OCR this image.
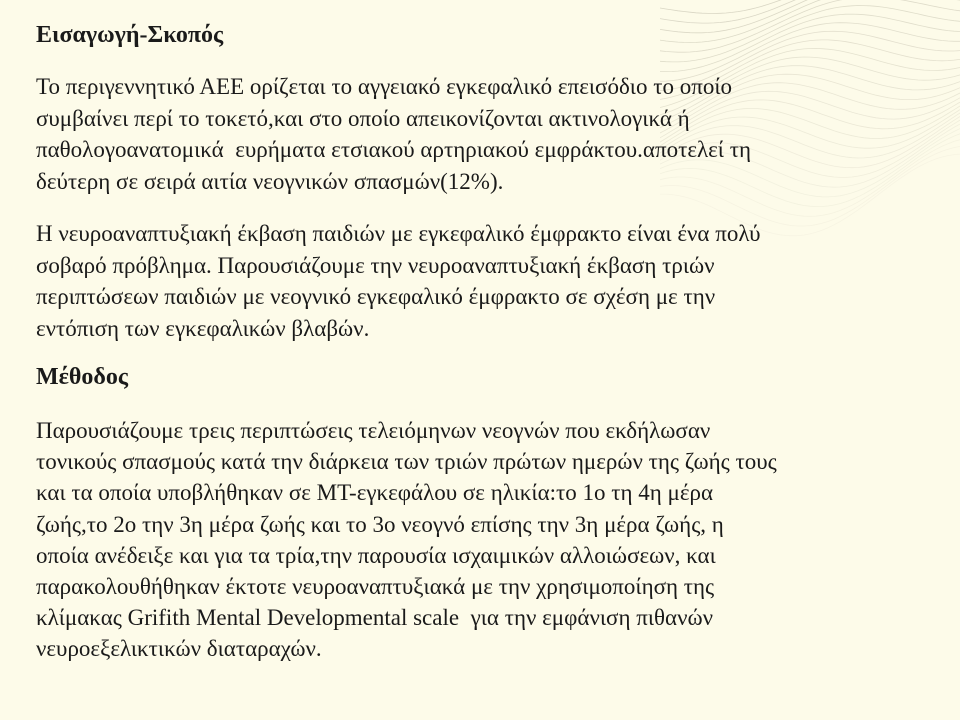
Εισαγωγή-Σκοπός

Το περιγεννητικό ΑΕΕ ορίζεται το αγγειακό εγκεφαλικό επεισόδιο το οποίο
συμβαίνει περί το τοκετό,και στο οποίο απεικονίζονται ακτινολογικά ή
παθολογοανατομικά  ευρήματα ετσιακού αρτηριακού εμφράκτου.αποτελεί τη
δεύτερη σε σειρά αιτία νεογνικών σπασμών(12%).

Η νευροαναπτυξιακή έκβαση παιδιών με εγκεφαλικό έμφρακτο είναι ένα πολύ
σοβαρό πρόβλημα. Παρουσιάζουμε την νευροαναπτυξιακή έκβαση τριών
περιπτώσεων παιδιών με νεογνικό εγκεφαλικό έμφρακτο σε σχέση με την
εντόπιση των εγκεφαλικών βλαβών.

Μέθοδος

Παρουσιάζουμε τρεις περιπτώσεις τελειόμηνων νεογνών που εκδήλωσαν
τονικούς σπασμούς κατά την διάρκεια των τριών πρώτων ημερών της ζωής τους
και τα οποία υποβλήθηκαν σε ΜΤ-εγκεφάλου σε ηλικία:το 1ο τη 4η μέρα
ζωής,το 2ο την 3η μέρα ζωής και το 3ο νεογνό επίσης την 3η μέρα ζωής, η
οποία ανέδειξε και για τα τρία,την παρουσία ισχαιμικών αλλοιώσεων, και
παρακολουθήθηκαν έκτοτε νευροαναπτυξιακά με την χρησιμοποίηση της
κλίμακας Grifith Mental Developmental scale  για την εμφάνιση πιθανών
νευροεξελικτικών διαταραχών.
